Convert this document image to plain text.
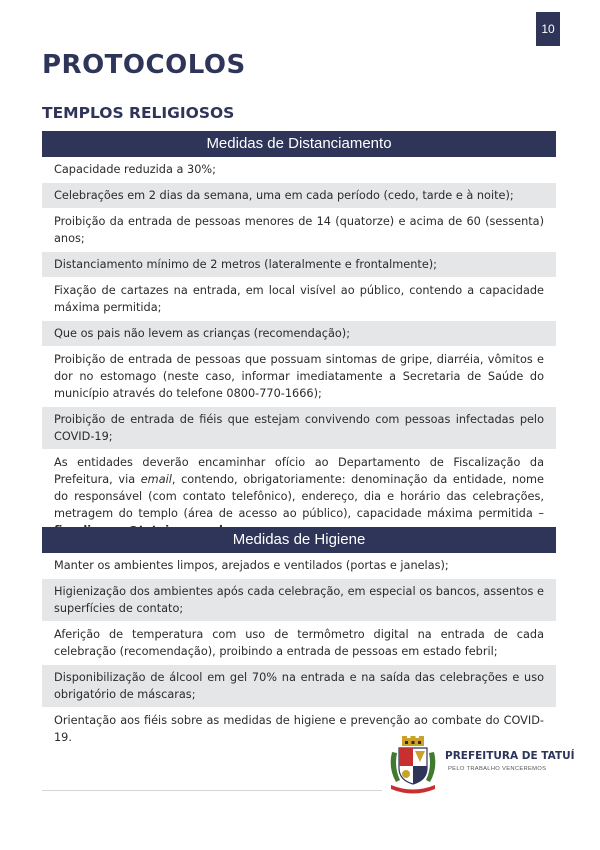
10
PROTOCOLOS
TEMPLOS RELIGIOSOS
Medidas de Distanciamento
Capacidade reduzida a 30%;
Celebrações em 2 dias da semana, uma em cada período (cedo, tarde e à noite);
Proibição da entrada de pessoas menores de 14 (quatorze) e acima de 60 (sessenta) anos;
Distanciamento mínimo de 2 metros (lateralmente e frontalmente);
Fixação de cartazes na entrada, em local visível ao público, contendo a capacidade máxima permitida;
Que os pais não levem as crianças (recomendação);
Proibição de entrada de pessoas que possuam sintomas de gripe, diarréia, vômitos e dor no estomago (neste caso, informar imediatamente a Secretaria de Saúde do município através do telefone 0800-770-1666);
Proibição de entrada de fiéis que estejam convivendo com pessoas infectadas pelo COVID-19;
As entidades deverão encaminhar ofício ao Departamento de Fiscalização da Prefeitura, via email, contendo, obrigatoriamente: denominação da entidade, nome do responsável (com contato telefônico), endereço, dia e horário das celebrações, metragem do templo (área de acesso ao público), capacidade máxima permitida –
Medidas de Higiene
Manter os ambientes limpos, arejados e ventilados (portas e janelas);
Higienização dos ambientes após cada celebração, em especial os bancos, assentos e superfícies de contato;
Aferição de temperatura com uso de termômetro digital na entrada de cada celebração (recomendação), proibindo a entrada de pessoas em estado febril;
Disponibilização de álcool em gel 70% na entrada e na saída das celebrações e uso obrigatório de máscaras;
Orientação aos fiéis sobre as medidas de higiene e prevenção ao combate do COVID-19.
PREFEITURA DE TATUÍ
PELO TRABALHO VENCEREMOS
